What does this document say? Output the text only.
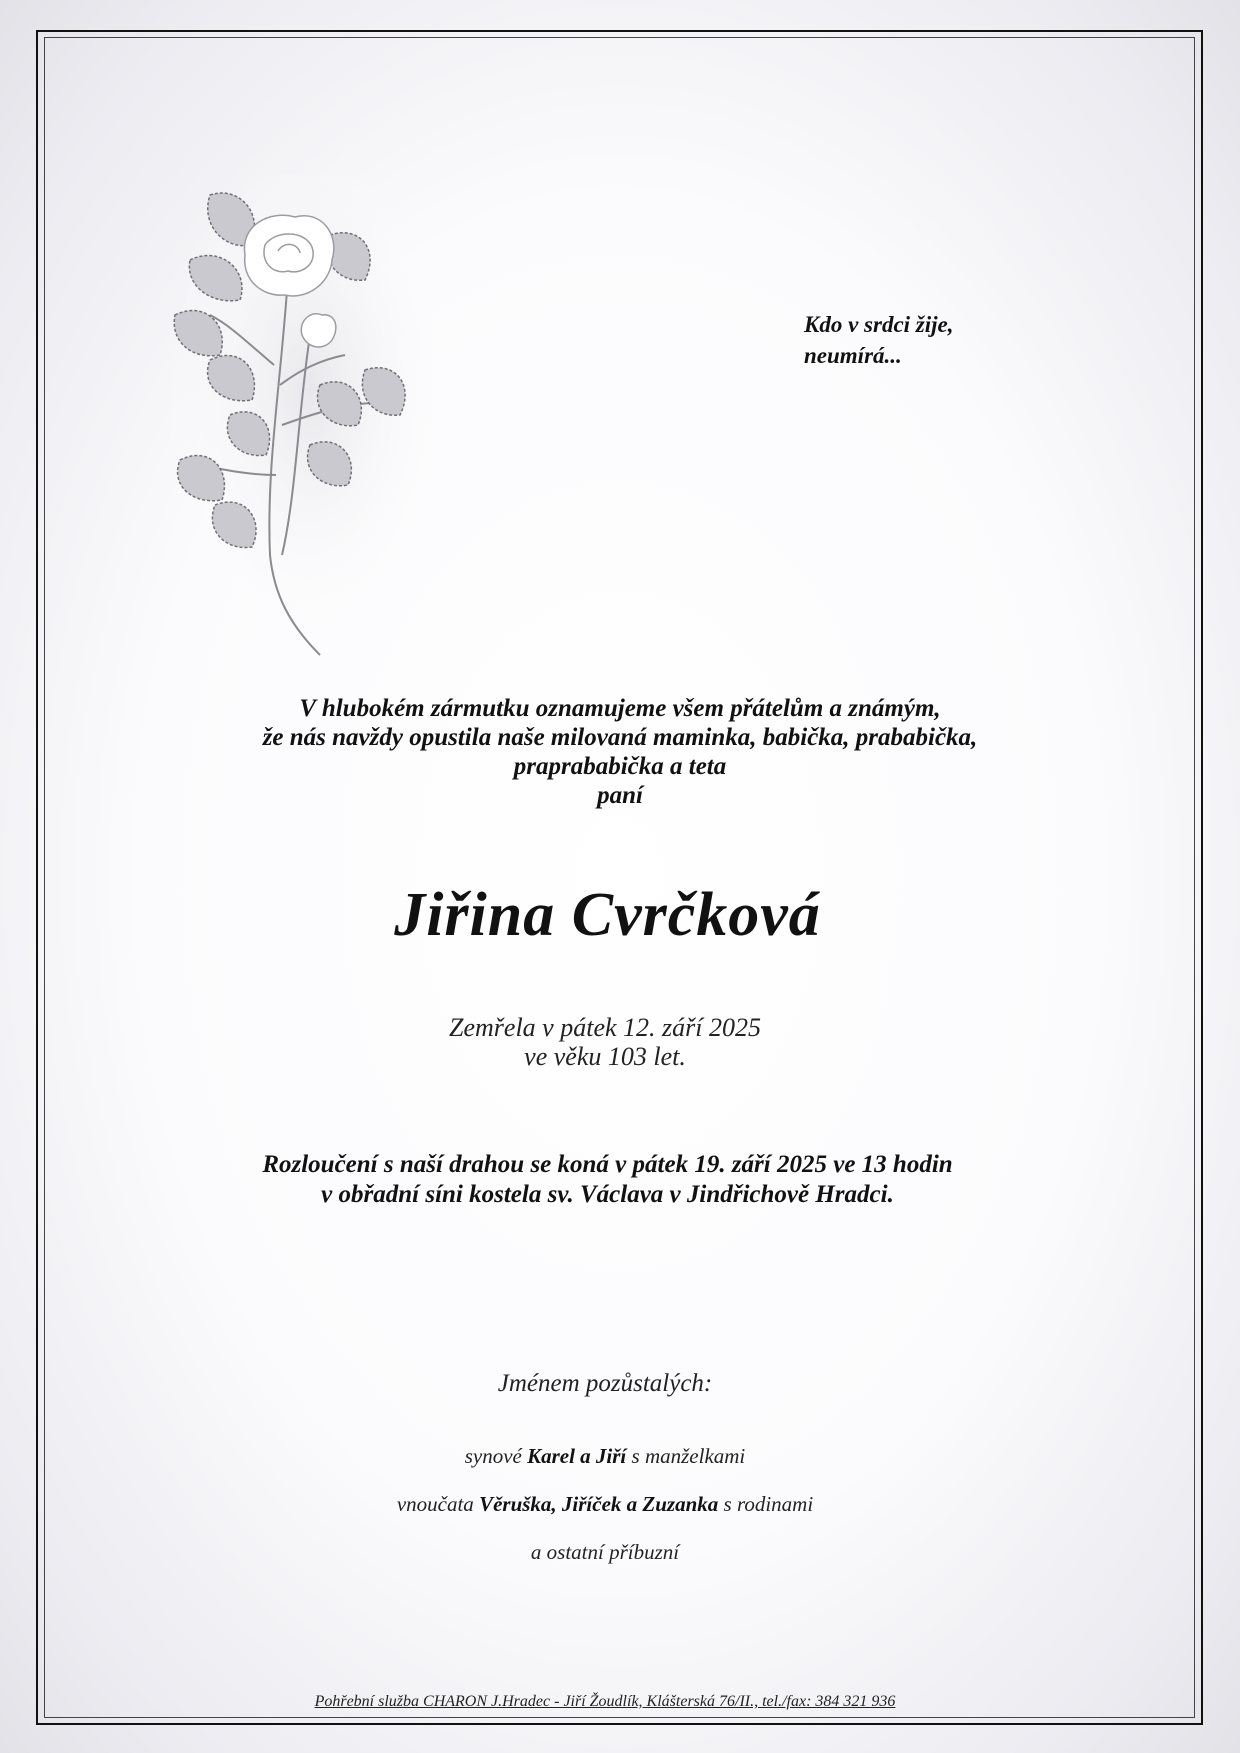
Kdo v srdci žije,
neumírá...

V hlubokém zármutku oznamujeme všem přátelům a známým,
že nás navždy opustila naše milovaná maminka, babička, prababička,
praprababička a teta
paní

Jiřina Cvrčková

Zemřela v pátek 12. září 2025
ve věku 103 let.

Rozloučení s naší drahou se koná v pátek 19. září 2025 ve 13 hodin
v obřadní síni kostela sv. Václava v Jindřichově Hradci.

Jménem pozůstalých:

synové Karel a Jiří s manželkami

vnoučata Věruška, Jiříček a Zuzanka s rodinami

a ostatní příbuzní

Pohřební služba CHARON J.Hradec - Jiří Žoudlík, Klášterská 76/II., tel./fax: 384 321 936
